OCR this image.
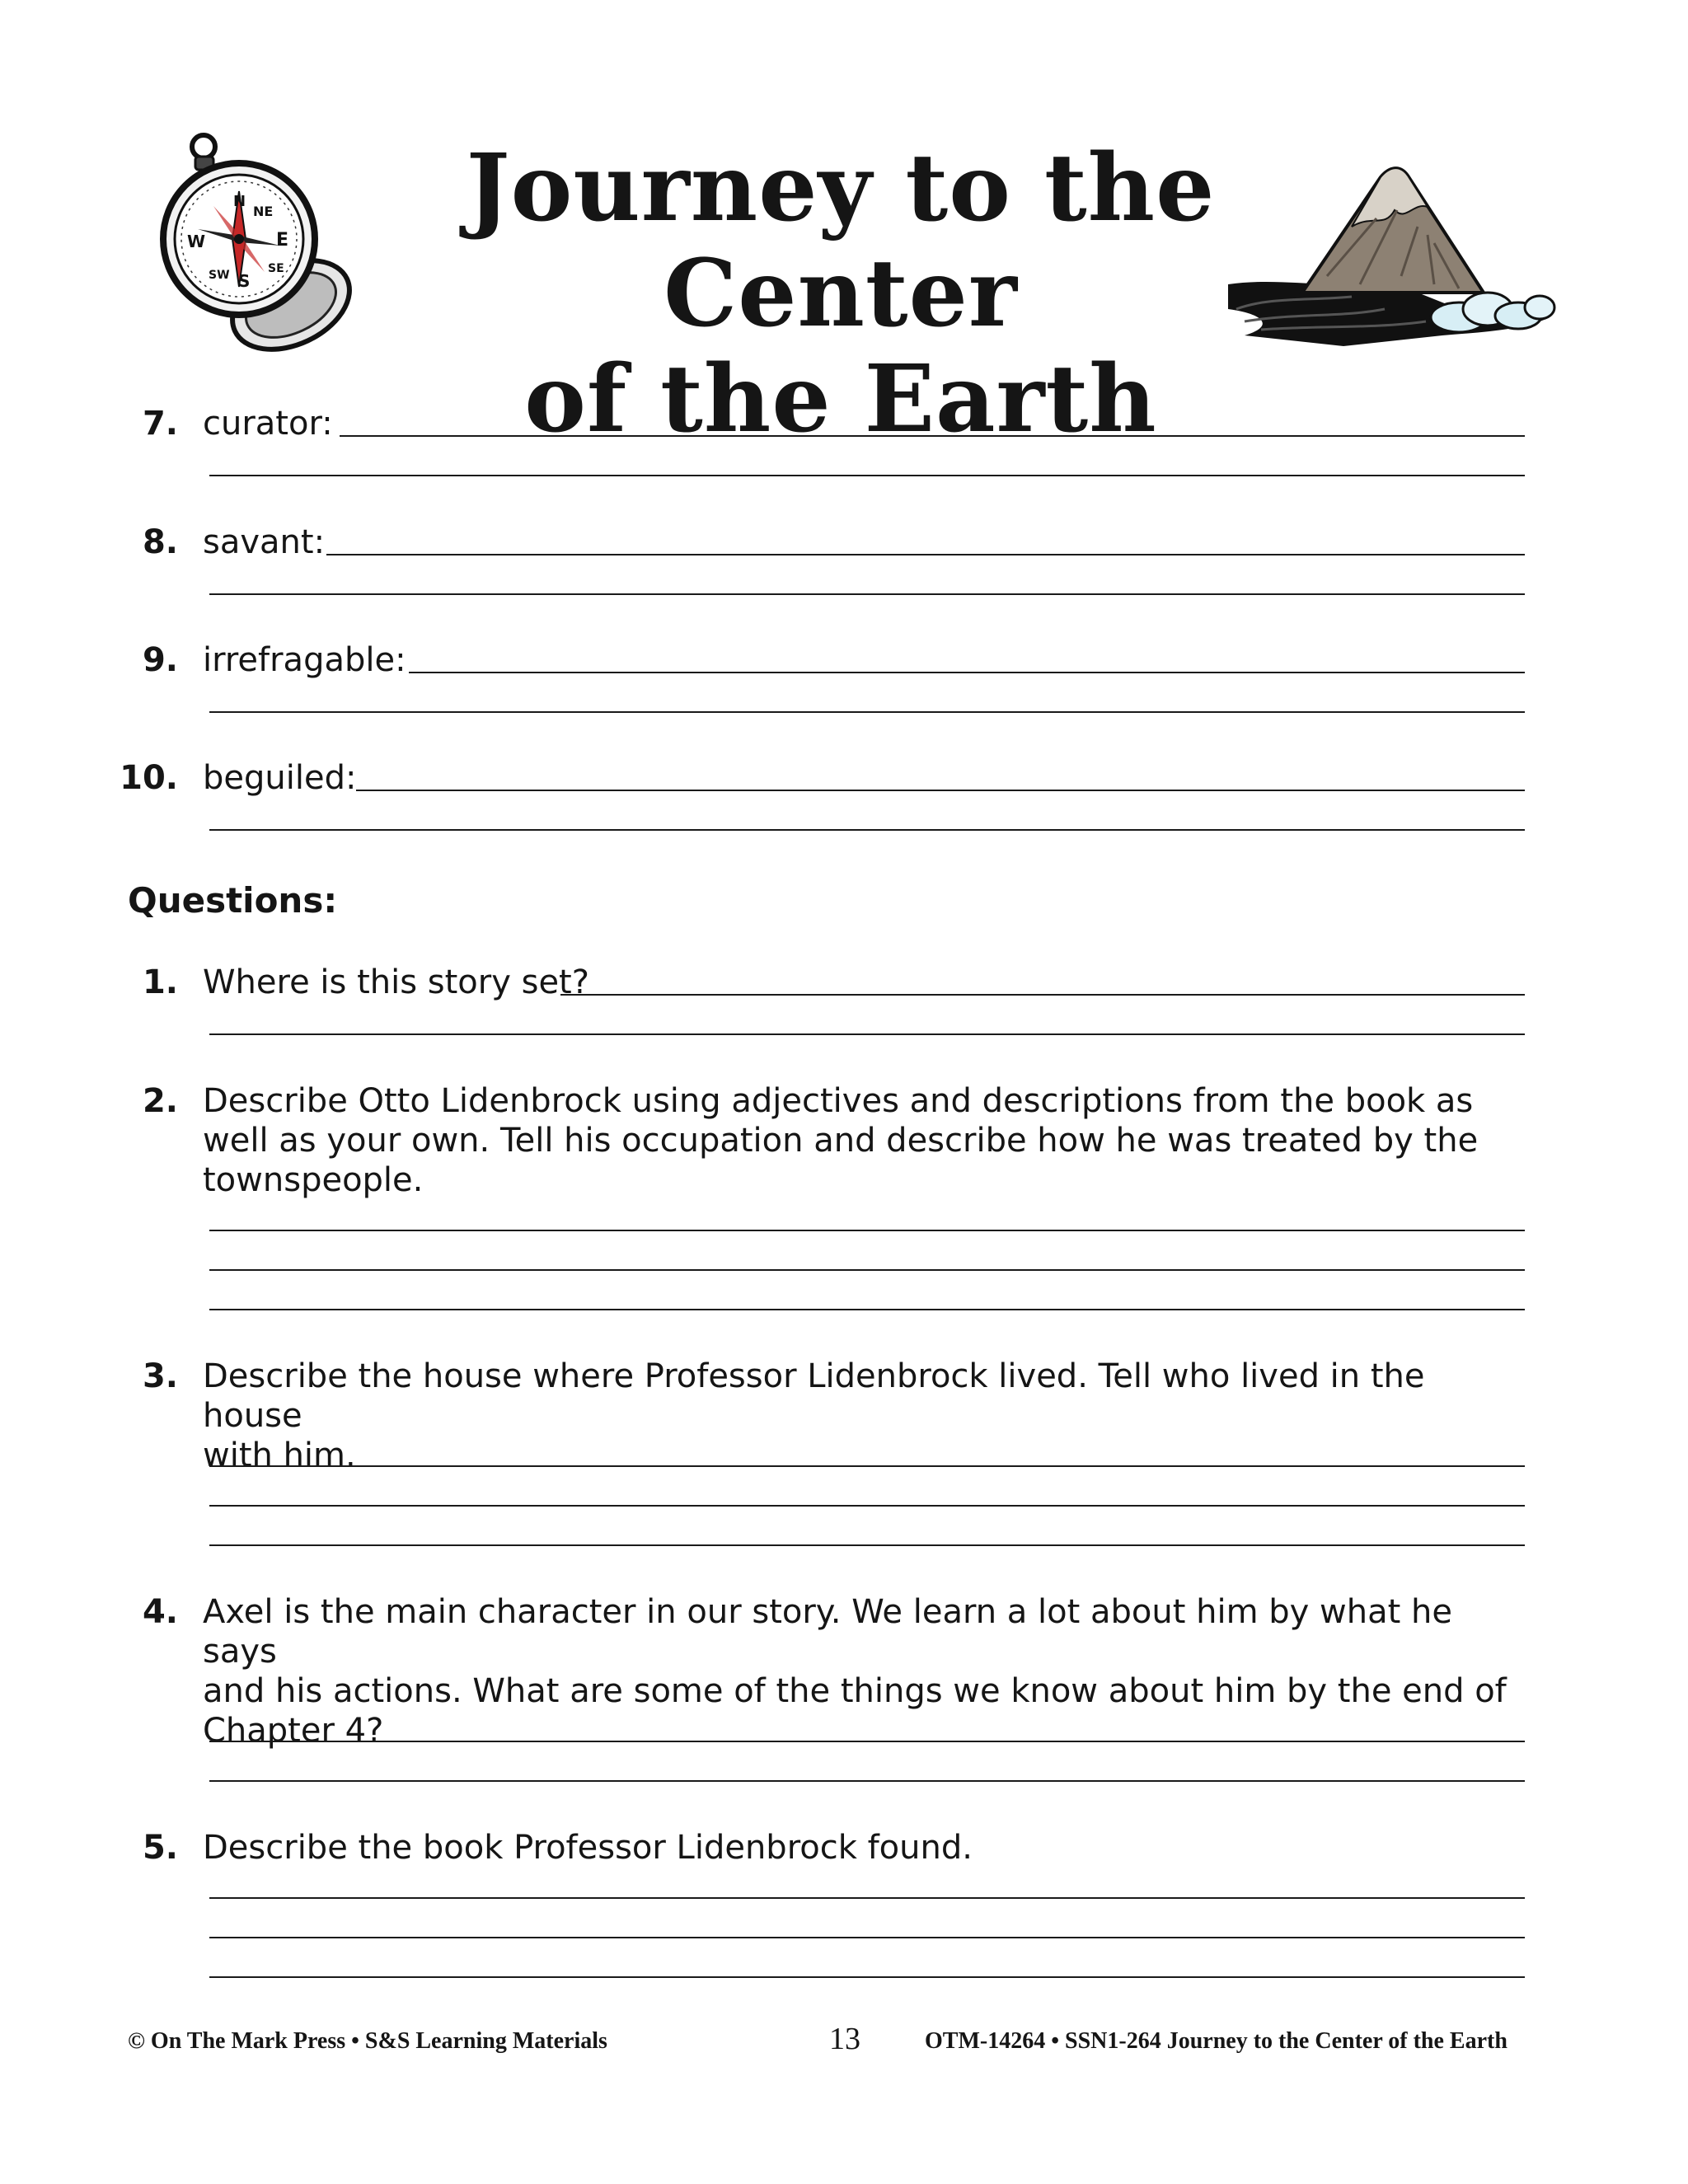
N
NE
E
SE
S
SW
W	Journey to the Center
of the Earth
7. curator:
8. savant:
9. irrefragable:
10. beguiled:
Questions:
1. Where is this story set?
2. Describe Otto Lidenbrock using adjectives and descriptions from the book as
well as your own. Tell his occupation and describe how he was treated by the
townspeople.
3. Describe the house where Professor Lidenbrock lived. Tell who lived in the house
with him.
4. Axel is the main character in our story. We learn a lot about him by what he says
and his actions. What are some of the things we know about him by the end of
Chapter 4?
5. Describe the book Professor Lidenbrock found.
© On The Mark Press • S&S Learning Materials	13	OTM-14264 • SSN1-264 Journey to the Center of the Earth
